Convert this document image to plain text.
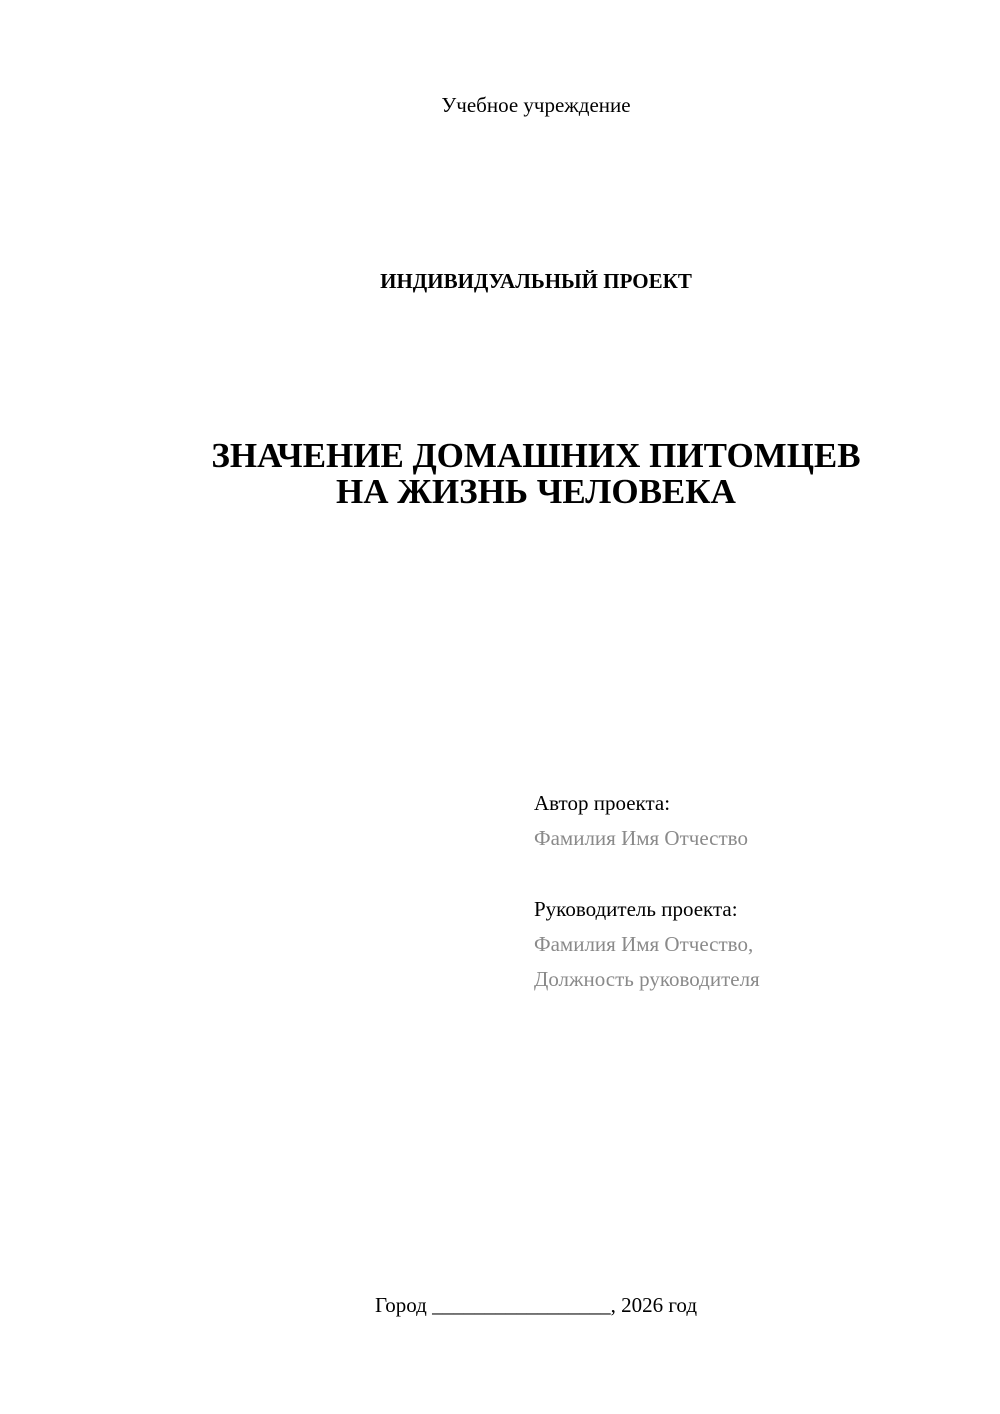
Учебное учреждение
ИНДИВИДУАЛЬНЫЙ ПРОЕКТ
ЗНАЧЕНИЕ ДОМАШНИХ ПИТОМЦЕВ
НА ЖИЗНЬ ЧЕЛОВЕКА
Автор проекта:
Фамилия Имя Отчество
Руководитель проекта:
Фамилия Имя Отчество,
Должность руководителя
Город _________________, 2026 год
